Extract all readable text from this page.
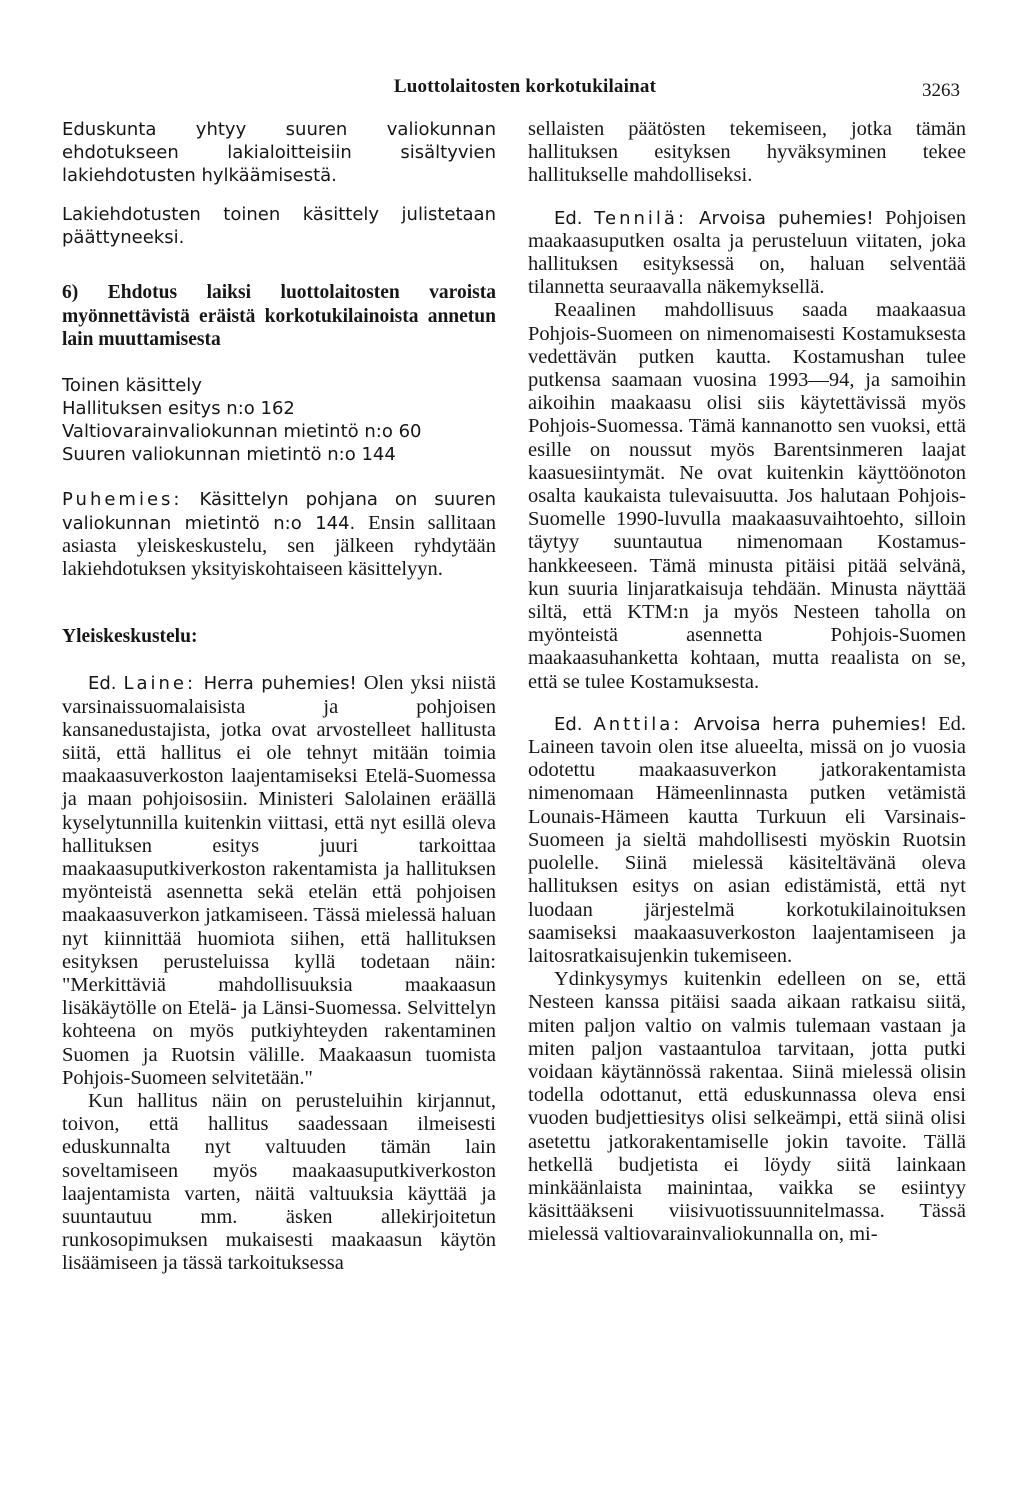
Luottolaitosten korkotukilainat	3263

Eduskunta yhtyy suuren valiokunnan ehdotukseen lakialoitteisiin sisältyvien lakiehdotusten hylkäämisestä.

Lakiehdotusten toinen käsittely julistetaan päättyneeksi.

6) Ehdotus laiksi luottolaitosten varoista myönnettävistä eräistä korkotukilainoista annetun lain muuttamisesta
Toinen käsittely
Hallituksen esitys n:o 162
Valtiovarainvaliokunnan mietintö n:o 60
Suuren valiokunnan mietintö n:o 144

Puhemies: Käsittelyn pohjana on suuren valiokunnan mietintö n:o 144. Ensin sallitaan asiasta yleiskeskustelu, sen jälkeen ryhdytään lakiehdotuksen yksityiskohtaiseen käsittelyyn.

Yleiskeskustelu:

Ed. Laine: Herra puhemies! Olen yksi niistä varsinaissuomalaisista ja pohjoisen kansanedustajista, jotka ovat arvostelleet hallitusta siitä, että hallitus ei ole tehnyt mitään toimia maakaasuverkoston laajentamiseksi Etelä-Suomessa ja maan pohjoisosiin. Ministeri Salolainen eräällä kyselytunnilla kuitenkin viittasi, että nyt esillä oleva hallituksen esitys juuri tarkoittaa maakaasuputkiverkoston rakentamista ja hallituksen myönteistä asennetta sekä etelän että pohjoisen maakaasuverkon jatkamiseen. Tässä mielessä haluan nyt kiinnittää huomiota siihen, että hallituksen esityksen perusteluissa kyllä todetaan näin: "Merkittäviä mahdollisuuksia maakaasun lisäkäytölle on Etelä- ja Länsi-Suomessa. Selvittelyn kohteena on myös putkiyhteyden rakentaminen Suomen ja Ruotsin välille. Maakaasun tuomista Pohjois-Suomeen selvitetään."

Kun hallitus näin on perusteluihin kirjannut, toivon, että hallitus saadessaan ilmeisesti eduskunnalta nyt valtuuden tämän lain soveltamiseen myös maakaasuputkiverkoston laajentamista varten, näitä valtuuksia käyttää ja suuntautuu mm. äsken allekirjoitetun runkosopimuksen mukaisesti maakaasun käytön lisäämiseen ja tässä tarkoituksessa

sellaisten päätösten tekemiseen, jotka tämän hallituksen esityksen hyväksyminen tekee hallitukselle mahdolliseksi.

Ed. Tennilä: Arvoisa puhemies! Pohjoisen maakaasuputken osalta ja perusteluun viitaten, joka hallituksen esityksessä on, haluan selventää tilannetta seuraavalla näkemyksellä.

Reaalinen mahdollisuus saada maakaasua Pohjois-Suomeen on nimenomaisesti Kostamuksesta vedettävän putken kautta. Kostamushan tulee putkensa saamaan vuosina 1993—94, ja samoihin aikoihin maakaasu olisi siis käytettävissä myös Pohjois-Suomessa. Tämä kannanotto sen vuoksi, että esille on noussut myös Barentsinmeren laajat kaasuesiintymät. Ne ovat kuitenkin käyttöönoton osalta kaukaista tulevaisuutta. Jos halutaan Pohjois-Suomelle 1990-luvulla maakaasuvaihtoehto, silloin täytyy suuntautua nimenomaan Kostamus-hankkeeseen. Tämä minusta pitäisi pitää selvänä, kun suuria linjaratkaisuja tehdään. Minusta näyttää siltä, että KTM:n ja myös Nesteen taholla on myönteistä asennetta Pohjois-Suomen maakaasuhanketta kohtaan, mutta reaalista on se, että se tulee Kostamuksesta.

Ed. Anttila: Arvoisa herra puhemies! Ed. Laineen tavoin olen itse alueelta, missä on jo vuosia odotettu maakaasuverkon jatkorakentamista nimenomaan Hämeenlinnasta putken vetämistä Lounais-Hämeen kautta Turkuun eli Varsinais-Suomeen ja sieltä mahdollisesti myöskin Ruotsin puolelle. Siinä mielessä käsiteltävänä oleva hallituksen esitys on asian edistämistä, että nyt luodaan järjestelmä korkotukilainoituksen saamiseksi maakaasuverkoston laajentamiseen ja laitosratkaisujenkin tukemiseen.

Ydinkysymys kuitenkin edelleen on se, että Nesteen kanssa pitäisi saada aikaan ratkaisu siitä, miten paljon valtio on valmis tulemaan vastaan ja miten paljon vastaantuloa tarvitaan, jotta putki voidaan käytännössä rakentaa. Siinä mielessä olisin todella odottanut, että eduskunnassa oleva ensi vuoden budjettiesitys olisi selkeämpi, että siinä olisi asetettu jatkorakentamiselle jokin tavoite. Tällä hetkellä budjetista ei löydy siitä lainkaan minkäänlaista mainintaa, vaikka se esiintyy käsittääkseni viisivuotissuunnitelmassa. Tässä mielessä valtiovarainvaliokunnalla on, mi-
